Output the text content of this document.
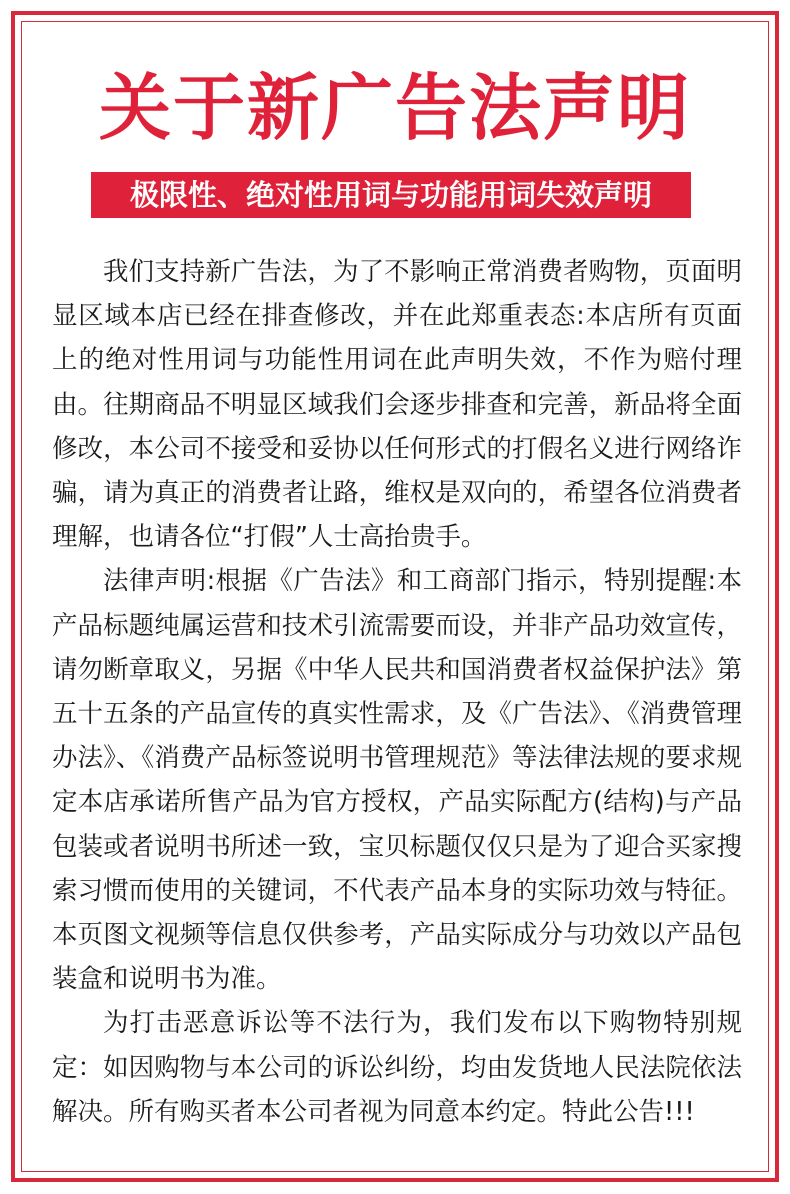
关于新广告法声明
极限性、绝对性用词与功能用词失效声明

我们支持新广告法，为了不影响正常消费者购物，页面明显区域本店已经在排查修改，并在此郑重表态:本店所有页面上的绝对性用词与功能性用词在此声明失效，不作为赔付理由。往期商品不明显区域我们会逐步排查和完善，新品将全面修改，本公司不接受和妥协以任何形式的打假名义进行网络诈骗，请为真正的消费者让路，维权是双向的，希望各位消费者理解，也请各位“打假”人士高抬贵手。

法律声明:根据《广告法》和工商部门指示，特别提醒:本产品标题纯属运营和技术引流需要而设，并非产品功效宣传，请勿断章取义，另据《中华人民共和国消费者权益保护法》第五十五条的产品宣传的真实性需求，及《广告法》、《消费管理办法》、《消费产品标签说明书管理规范》等法律法规的要求规定本店承诺所售产品为官方授权，产品实际配方(结构)与产品包装或者说明书所述一致，宝贝标题仅仅只是为了迎合买家搜索习惯而使用的关键词，不代表产品本身的实际功效与特征。本页图文视频等信息仅供参考，产品实际成分与功效以产品包装盒和说明书为准。

为打击恶意诉讼等不法行为，我们发布以下购物特别规定：如因购物与本公司的诉讼纠纷，均由发货地人民法院依法解决。所有购买者本公司者视为同意本约定。特此公告!!!
